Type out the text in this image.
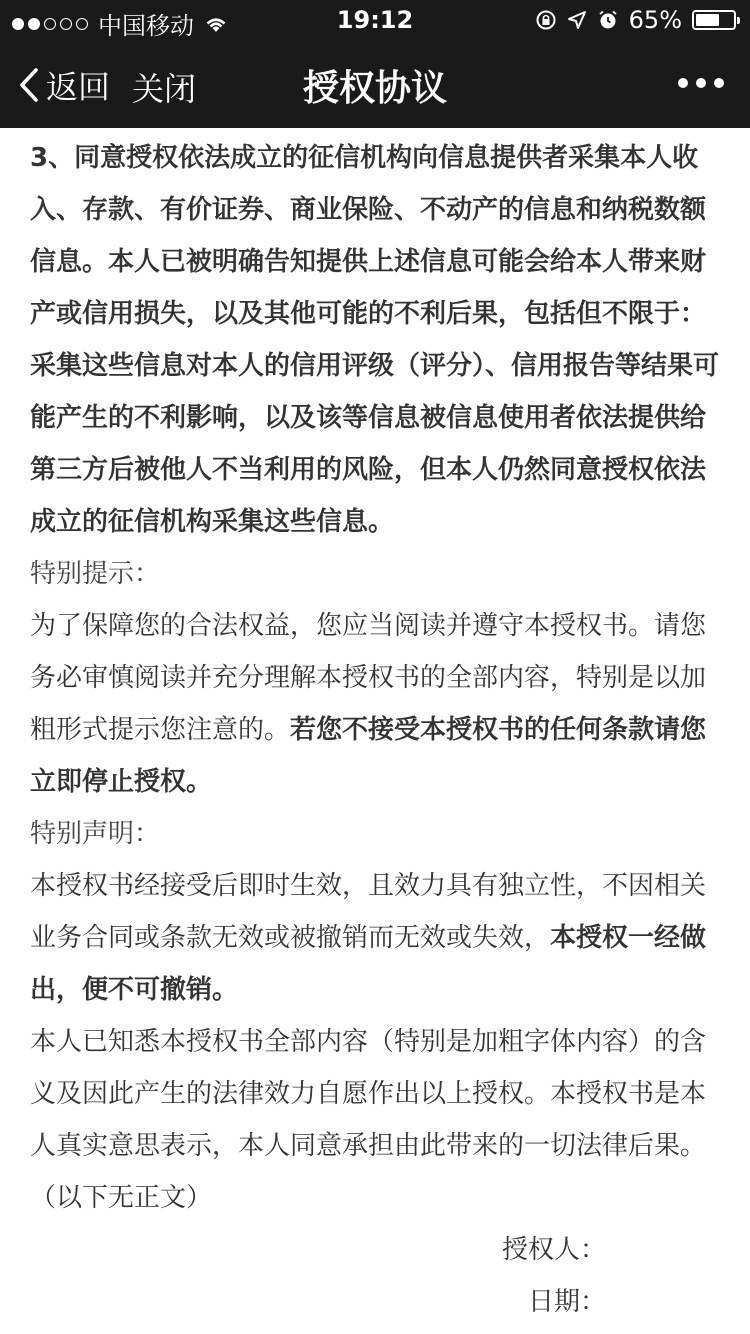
中国移动	19:12	65%
返回 关闭	授权协议

3、同意授权依法成立的征信机构向信息提供者采集本人收入、存款、有价证券、商业保险、不动产的信息和纳税数额信息。本人已被明确告知提供上述信息可能会给本人带来财产或信用损失，以及其他可能的不利后果，包括但不限于：采集这些信息对本人的信用评级（评分）、信用报告等结果可能产生的不利影响，以及该等信息被信息使用者依法提供给第三方后被他人不当利用的风险，但本人仍然同意授权依法成立的征信机构采集这些信息。

特别提示：

为了保障您的合法权益，您应当阅读并遵守本授权书。请您务必审慎阅读并充分理解本授权书的全部内容，特别是以加粗形式提示您注意的。若您不接受本授权书的任何条款请您立即停止授权。

特别声明：

本授权书经接受后即时生效，且效力具有独立性，不因相关业务合同或条款无效或被撤销而无效或失效，本授权一经做出，便不可撤销。

本人已知悉本授权书全部内容（特别是加粗字体内容）的含义及因此产生的法律效力自愿作出以上授权。本授权书是本人真实意思表示，本人同意承担由此带来的一切法律后果。

（以下无正文）

授权人：

日期：
